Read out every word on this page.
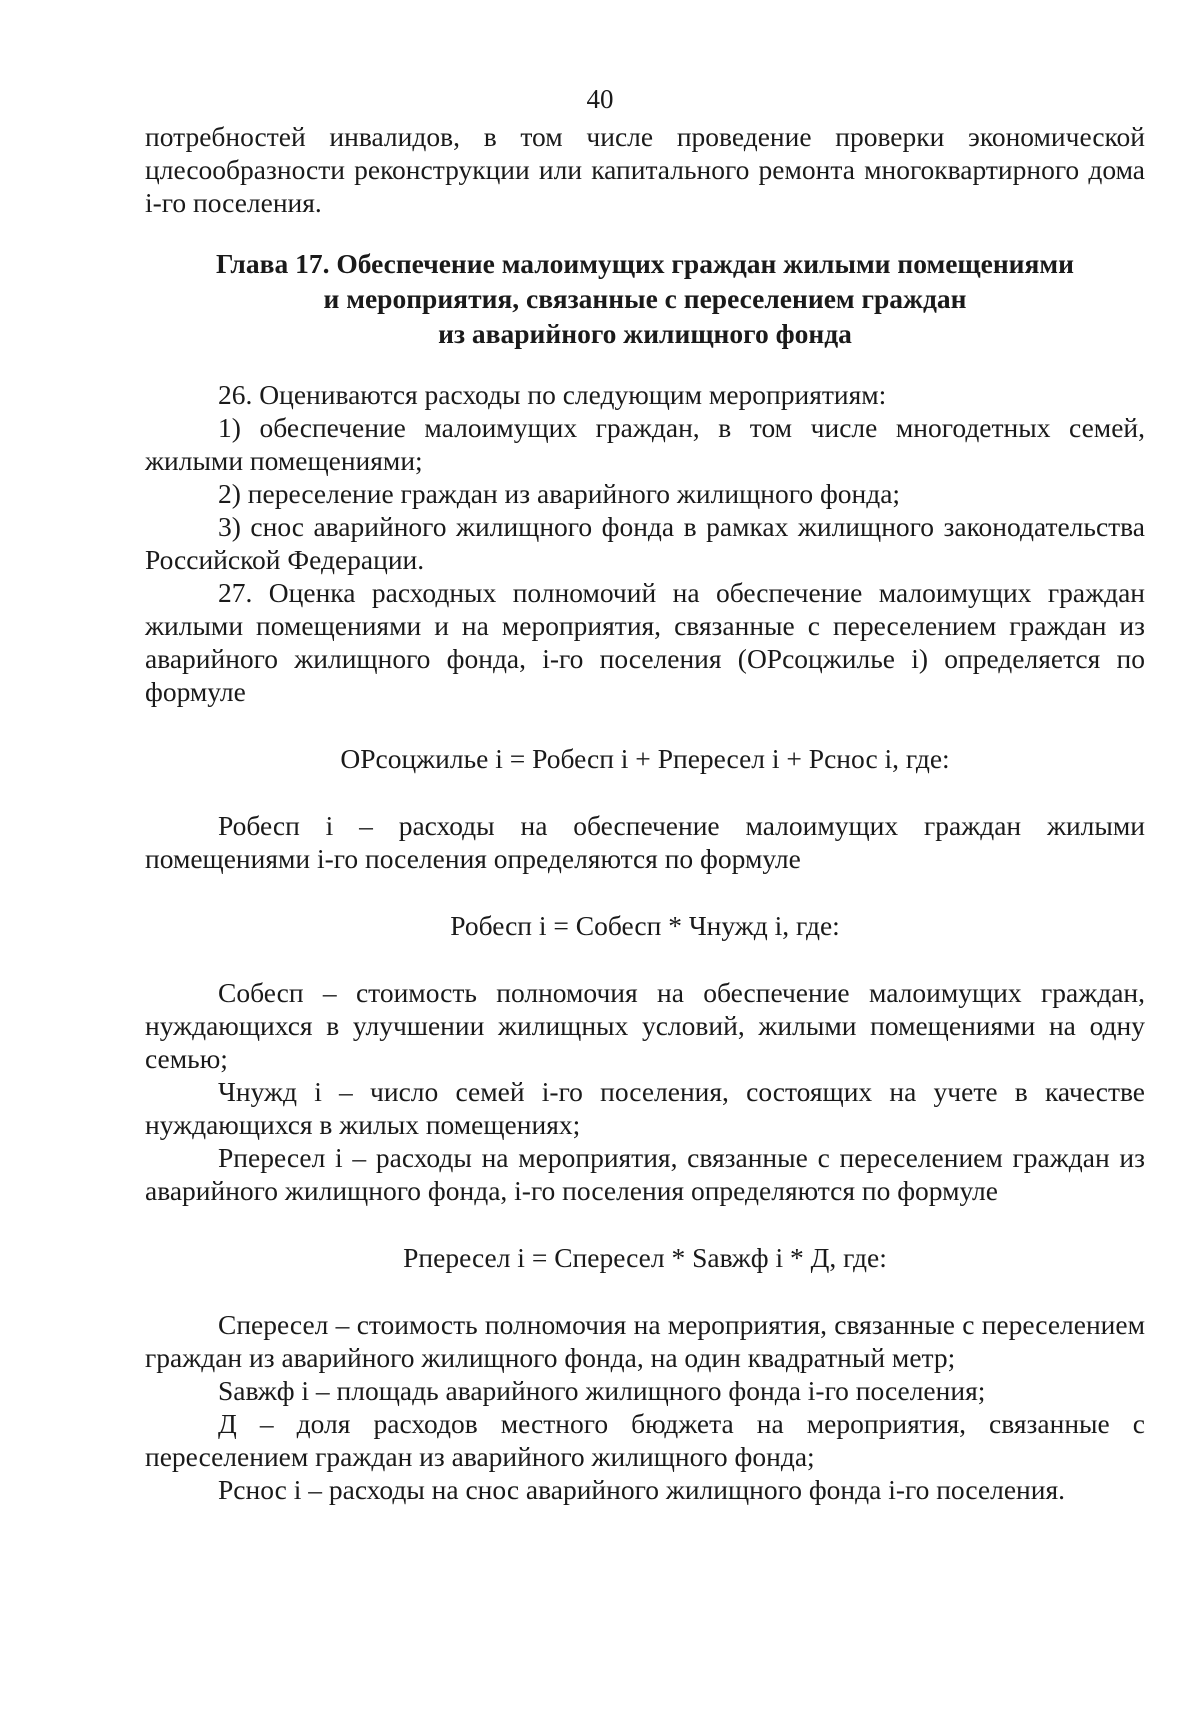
40

потребностей инвалидов, в том числе проведение проверки экономической цлесообразности реконструкции или капитального ремонта многоквартирного дома i-го поселения.

Глава 17. Обеспечение малоимущих граждан жилыми помещениями

и мероприятия, связанные с переселением граждан

из аварийного жилищного фонда

26. Оцениваются расходы по следующим мероприятиям:

1) обеспечение малоимущих граждан, в том числе многодетных семей, жилыми помещениями;

2) переселение граждан из аварийного жилищного фонда;

3) снос аварийного жилищного фонда в рамках жилищного законодательства Российской Федерации.

27. Оценка расходных полномочий на обеспечение малоимущих граждан жилыми помещениями и на мероприятия, связанные с переселением граждан из аварийного жилищного фонда, i-го поселения (ОРсоцжилье i) определяется по формуле

ОРсоцжилье i = Робесп i + Рпересел i + Рснос i, где:

Робесп i – расходы на обеспечение малоимущих граждан жилыми помещениями i-го поселения определяются по формуле

Робесп i = Собесп * Чнужд i, где:

Собесп – стоимость полномочия на обеспечение малоимущих граждан, нуждающихся в улучшении жилищных условий, жилыми помещениями на одну семью;

Чнужд i – число семей i-го поселения, состоящих на учете в качестве нуждающихся в жилых помещениях;

Рпересел i – расходы на мероприятия, связанные с переселением граждан из аварийного жилищного фонда, i-го поселения определяются по формуле

Рпересел i = Спересел * Sавжф i * Д, где:

Спересел – стоимость полномочия на мероприятия, связанные с переселением граждан из аварийного жилищного фонда, на один квадратный метр;

Sавжф i – площадь аварийного жилищного фонда i-го поселения;

Д – доля расходов местного бюджета на мероприятия, связанные с переселением граждан из аварийного жилищного фонда;

Рснос i – расходы на снос аварийного жилищного фонда i-го поселения.
